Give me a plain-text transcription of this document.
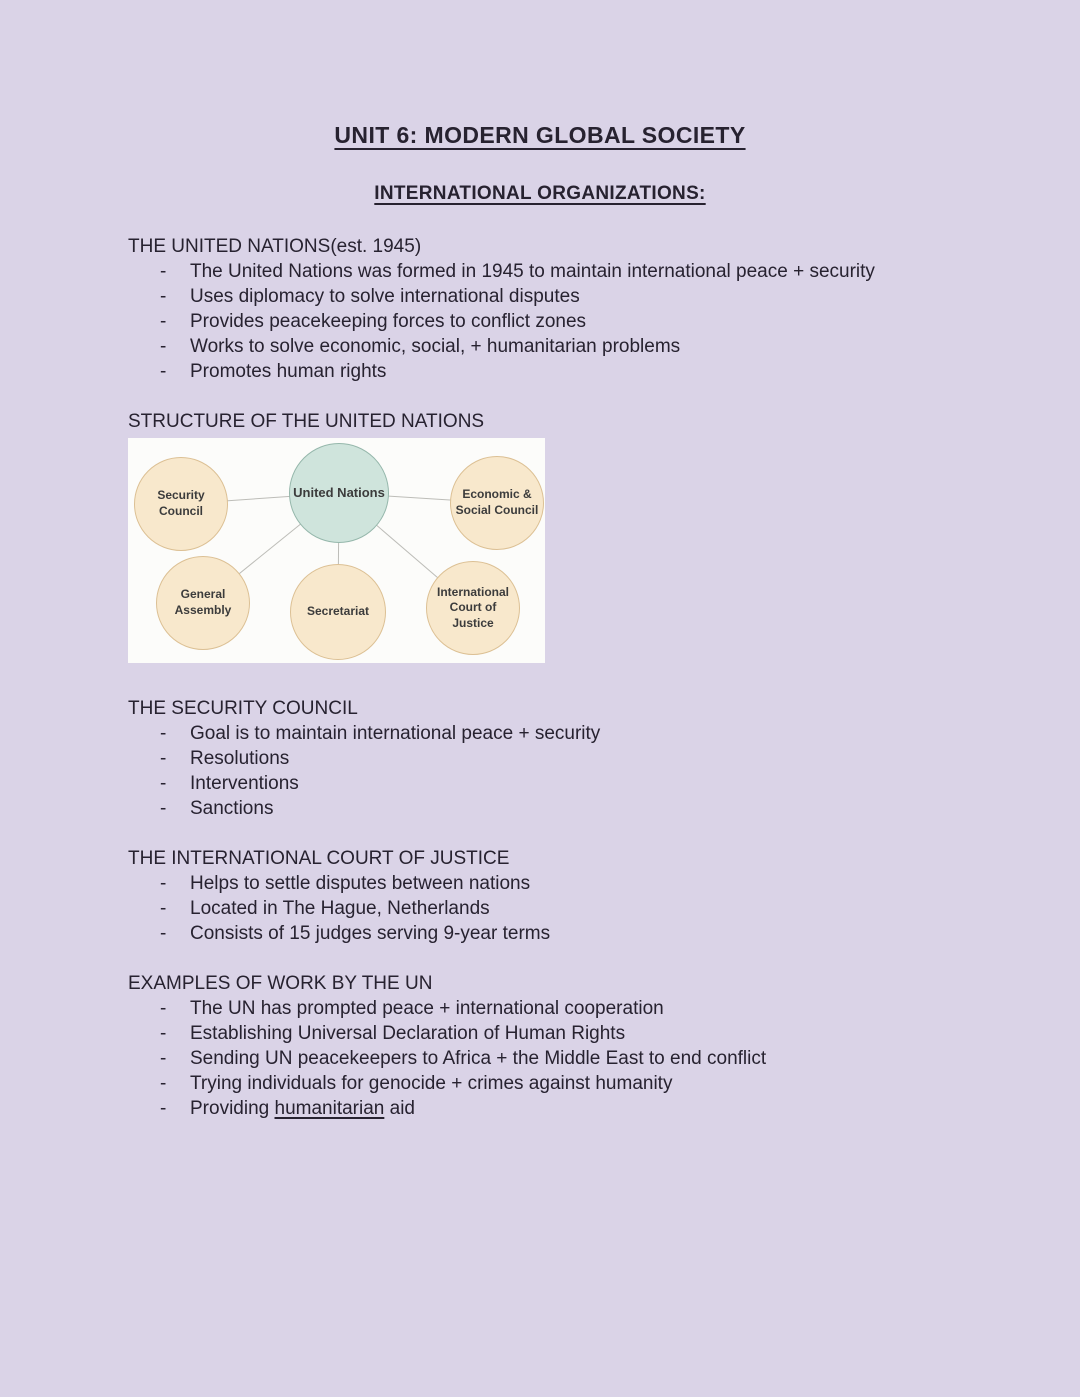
UNIT 6: MODERN GLOBAL SOCIETY
INTERNATIONAL ORGANIZATIONS:
THE UNITED NATIONS(est. 1945)
- The United Nations was formed in 1945 to maintain international peace + security
- Uses diplomacy to solve international disputes
- Provides peacekeeping forces to conflict zones
- Works to solve economic, social, + humanitarian problems
- Promotes human rights
STRUCTURE OF THE UNITED NATIONS
United Nations
Security Council
Economic & Social Council
General Assembly	Secretariat
International Court of Justice
THE SECURITY COUNCIL
- Goal is to maintain international peace + security
- Resolutions
- Interventions
- Sanctions
THE INTERNATIONAL COURT OF JUSTICE
- Helps to settle disputes between nations
- Located in The Hague, Netherlands
- Consists of 15 judges serving 9-year terms
EXAMPLES OF WORK BY THE UN
- The UN has prompted peace + international cooperation
- Establishing Universal Declaration of Human Rights
- Sending UN peacekeepers to Africa + the Middle East to end conflict
- Trying individuals for genocide + crimes against humanity
- Providing humanitarian aid
